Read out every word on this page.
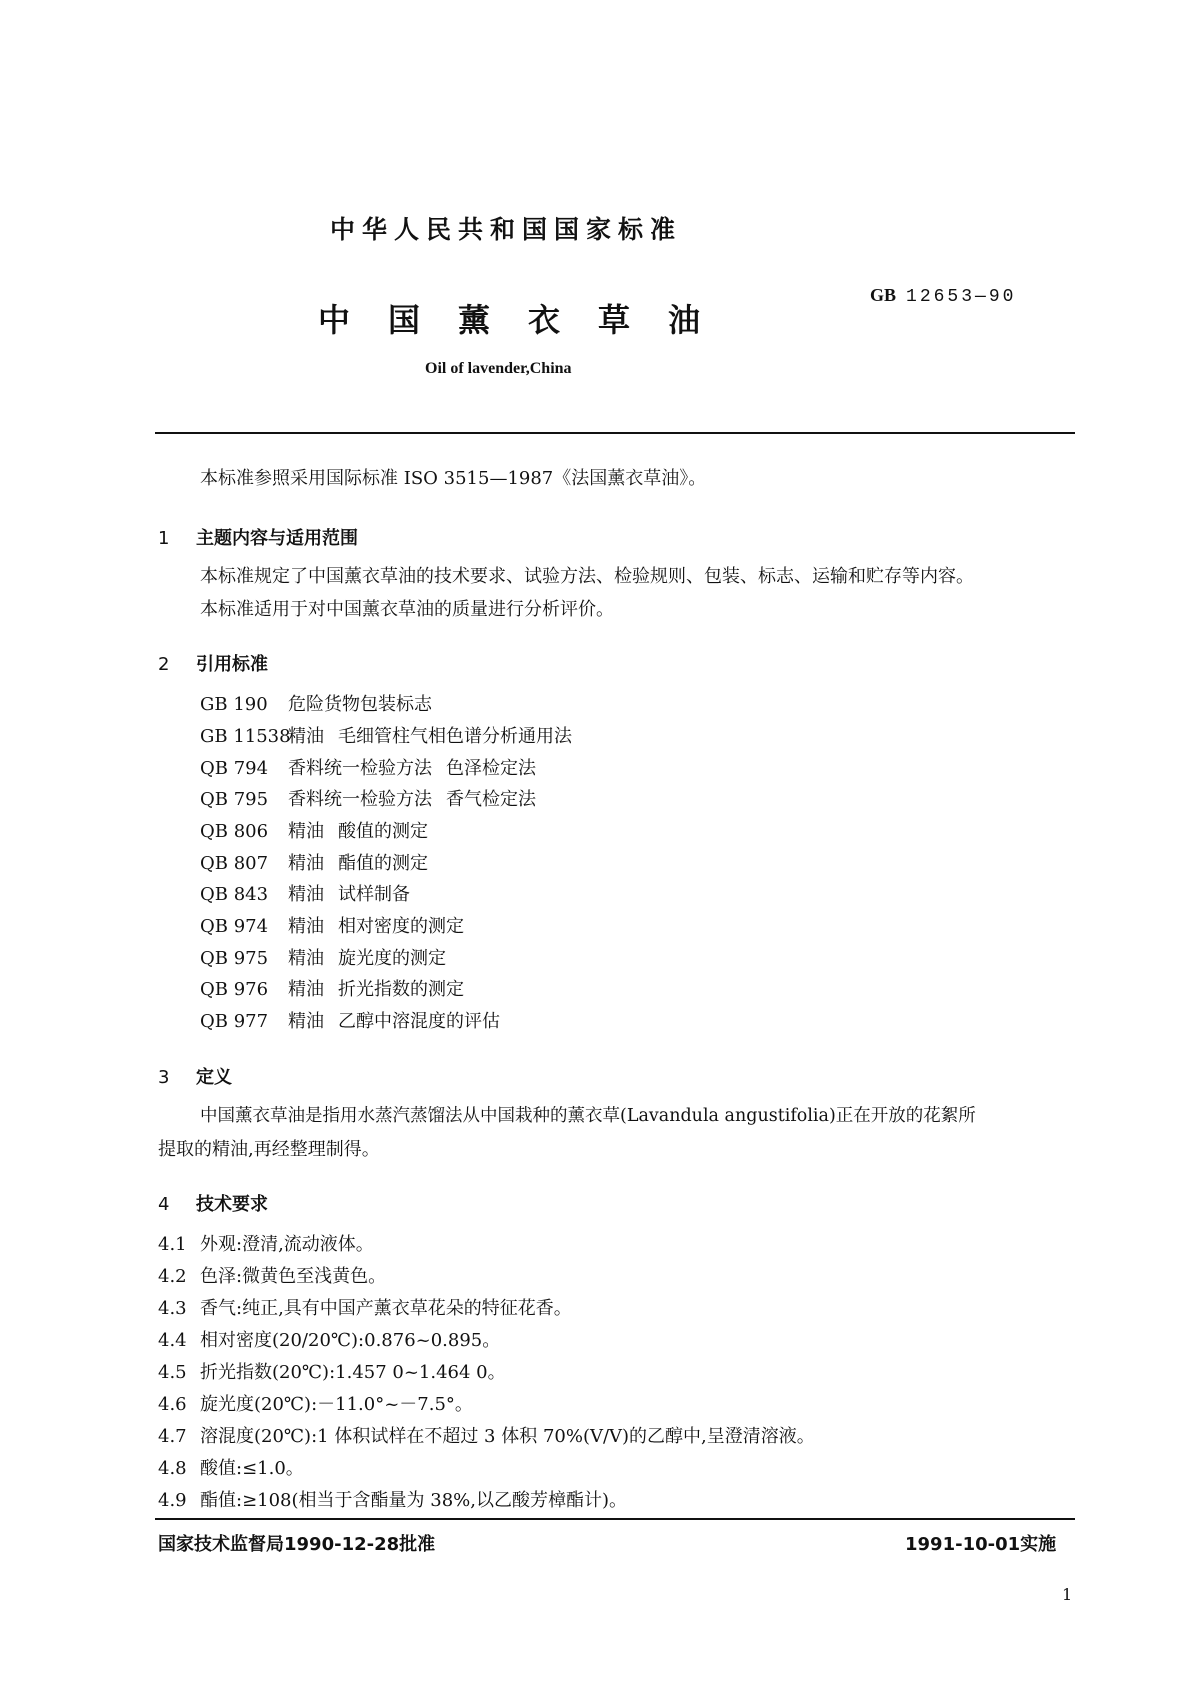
中华人民共和国国家标准
中国薰衣草油
GB 12653—90
Oil of lavender,China
本标准参照采用国际标准 ISO 3515—1987《法国薰衣草油》。
1 主题内容与适用范围
本标准规定了中国薰衣草油的技术要求、试验方法、检验规则、包装、标志、运输和贮存等内容。
本标准适用于对中国薰衣草油的质量进行分析评价。
2 引用标准
GB 190 危险货物包装标志
GB 11538精油 毛细管柱气相色谱分析通用法
QB 794 香料统一检验方法 色泽检定法
QB 795 香料统一检验方法 香气检定法
QB 806 精油 酸值的测定
QB 807 精油 酯值的测定
QB 843 精油 试样制备
QB 974 精油 相对密度的测定
QB 975 精油 旋光度的测定
QB 976 精油 折光指数的测定
QB 977 精油 乙醇中溶混度的评估
3 定义
中国薰衣草油是指用水蒸汽蒸馏法从中国栽种的薰衣草(Lavandula angustifolia)正在开放的花絮所
提取的精油,再经整理制得。
4 技术要求
4.1 外观:澄清,流动液体。
4.2 色泽:微黄色至浅黄色。
4.3 香气:纯正,具有中国产薰衣草花朵的特征花香。
4.4 相对密度(20/20℃):0.876~0.895。
4.5 折光指数(20℃):1.457 0~1.464 0。
4.6 旋光度(20℃):－11.0°~－7.5°。
4.7 溶混度(20℃):1 体积试样在不超过 3 体积 70%(V/V)的乙醇中,呈澄清溶液。
4.8 酸值:≤1.0。
4.9 酯值:≥108(相当于含酯量为 38%,以乙酸芳樟酯计)。
国家技术监督局1990-12-28批准	1991-10-01实施
1
